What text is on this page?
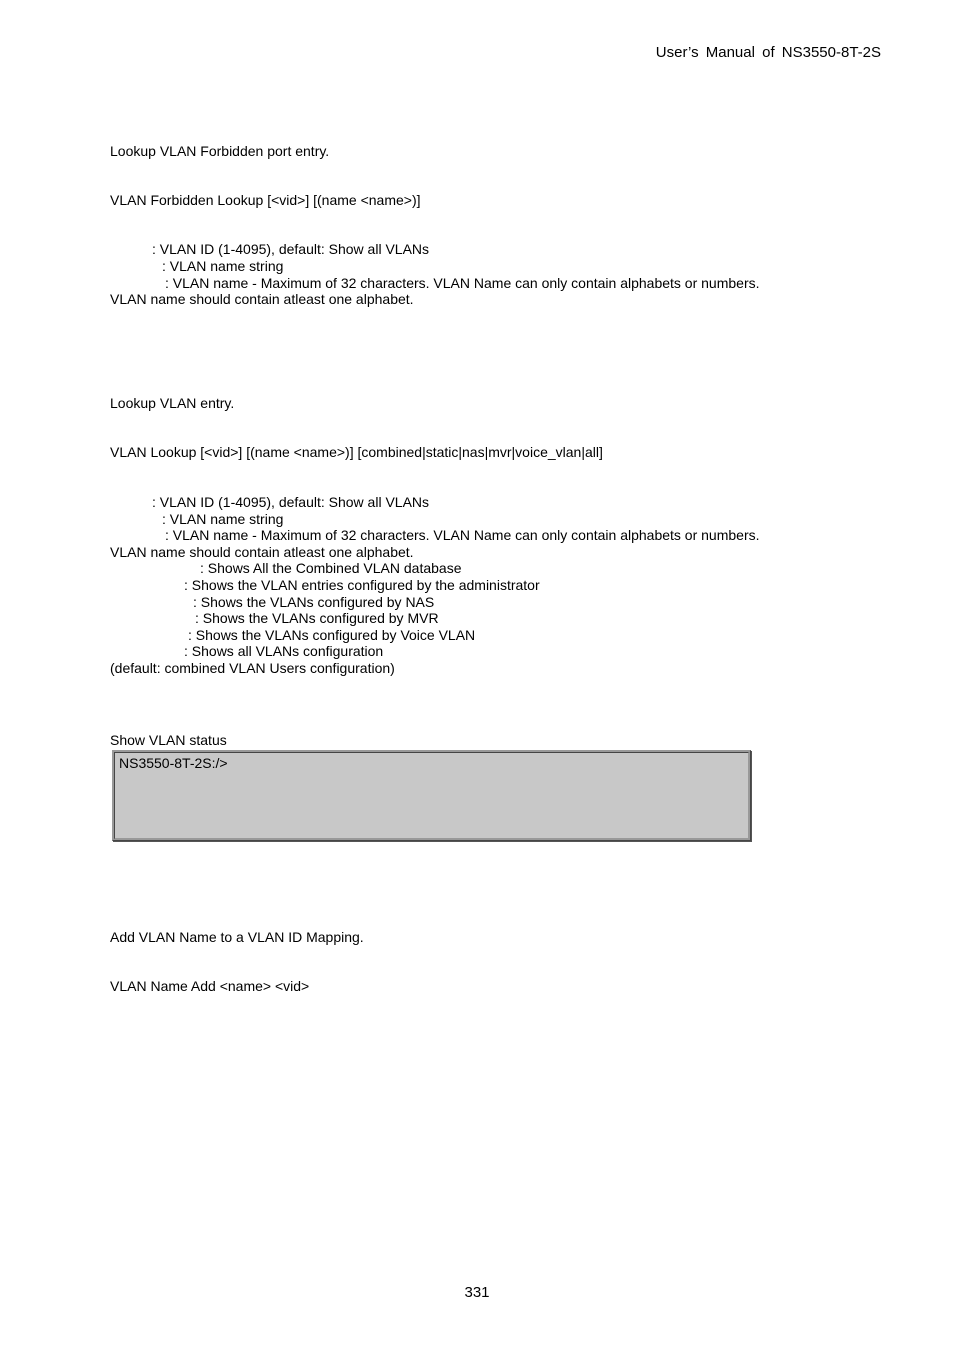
User’s Manual of NS3550-8T-2S
Lookup VLAN Forbidden port entry.
VLAN Forbidden Lookup [<vid>] [(name <name>)]
: VLAN ID (1-4095), default: Show all VLANs
: VLAN name string
: VLAN name - Maximum of 32 characters. VLAN Name can only contain alphabets or numbers.
VLAN name should contain atleast one alphabet.
Lookup VLAN entry.
VLAN Lookup [<vid>] [(name <name>)] [combined|static|nas|mvr|voice_vlan|all]
: VLAN ID (1-4095), default: Show all VLANs
: VLAN name string
: VLAN name - Maximum of 32 characters. VLAN Name can only contain alphabets or numbers.
VLAN name should contain atleast one alphabet.
: Shows All the Combined VLAN database
: Shows the VLAN entries configured by the administrator
: Shows the VLANs configured by NAS
: Shows the VLANs configured by MVR
: Shows the VLANs configured by Voice VLAN
: Shows all VLANs configuration
(default: combined VLAN Users configuration)
Show VLAN status
NS3550-8T-2S:/>
Add VLAN Name to a VLAN ID Mapping.
VLAN Name Add <name> <vid>
331
